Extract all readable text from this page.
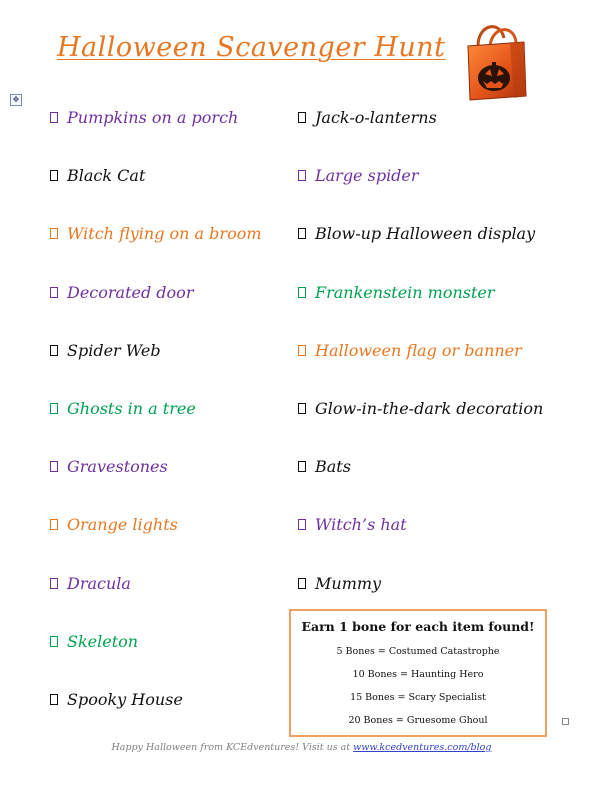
Halloween Scavenger Hunt
✥
Pumpkins on a porch
Black Cat
Witch flying on a broom
Decorated door
Spider Web
Ghosts in a tree
Gravestones
Orange lights
Dracula
Skeleton
Spooky House
Jack-o-lanterns
Large spider
Blow-up Halloween display
Frankenstein monster
Halloween flag or banner
Glow-in-the-dark decoration
Bats
Witch’s hat
Mummy
Earn 1 bone for each item found!
5 Bones = Costumed Catastrophe
10 Bones = Haunting Hero
15 Bones = Scary Specialist
20 Bones = Gruesome Ghoul
Happy Halloween from KCEdventures! Visit us at www.kcedventures.com/blog
